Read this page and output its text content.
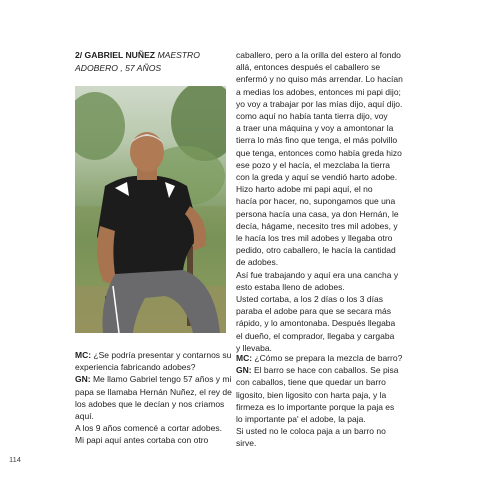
2/ GABRIEL NUÑEZ MAESTRO ADOBERO , 57 AÑOS

MC: ¿Se podría presentar y contarnos su

experiencia fabricando adobes?

GN: Me llamo Gabriel tengo 57 años y mi

papa se llamaba Hernán Nuñez, el rey de

los adobes que le decían y nos criamos

aquí.

A los 9 años comencé a cortar adobes.

Mi papi aquí antes cortaba con otro

caballero, pero a la orilla del estero al fondo

allá, entonces después el caballero se

enfermó y no quiso más arrendar. Lo hacían

a medias los adobes, entonces mi papi dijo;

yo voy a trabajar por las mías dijo, aquí dijo.

como aquí no había tanta tierra dijo, voy

a traer una máquina y voy a amontonar la

tierra lo más fino que tenga, el más polvillo

que tenga, entonces como había greda hizo

ese pozo y el hacía, el mezclaba la tierra

con la greda y aquí se vendió harto adobe.

Hizo harto adobe mi papi aquí, el no

hacía por hacer, no, supongamos que una

persona hacía una casa, ya don Hernán, le

decía, hágame, necesito tres mil adobes, y

le hacía los tres mil adobes y llegaba otro

pedido, otro caballero, le hacía la cantidad

de adobes.

Así fue trabajando y aquí era una cancha y

esto estaba lleno de adobes.

Usted cortaba, a los 2 días o los 3 días

paraba el adobe para que se secara más

rápido, y lo amontonaba. Después llegaba

el dueño, el comprador, llegaba y cargaba

y llevaba.

MC: ¿Cómo se prepara la mezcla de barro?

GN: El barro se hace con caballos. Se pisa

con caballos, tiene que quedar un barro

ligosito, bien ligosito con harta paja, y la

firmeza es lo importante porque la paja es

lo importante pa' el adobe, la paja.

Si usted no le coloca paja a un barro no

sirve.

114
